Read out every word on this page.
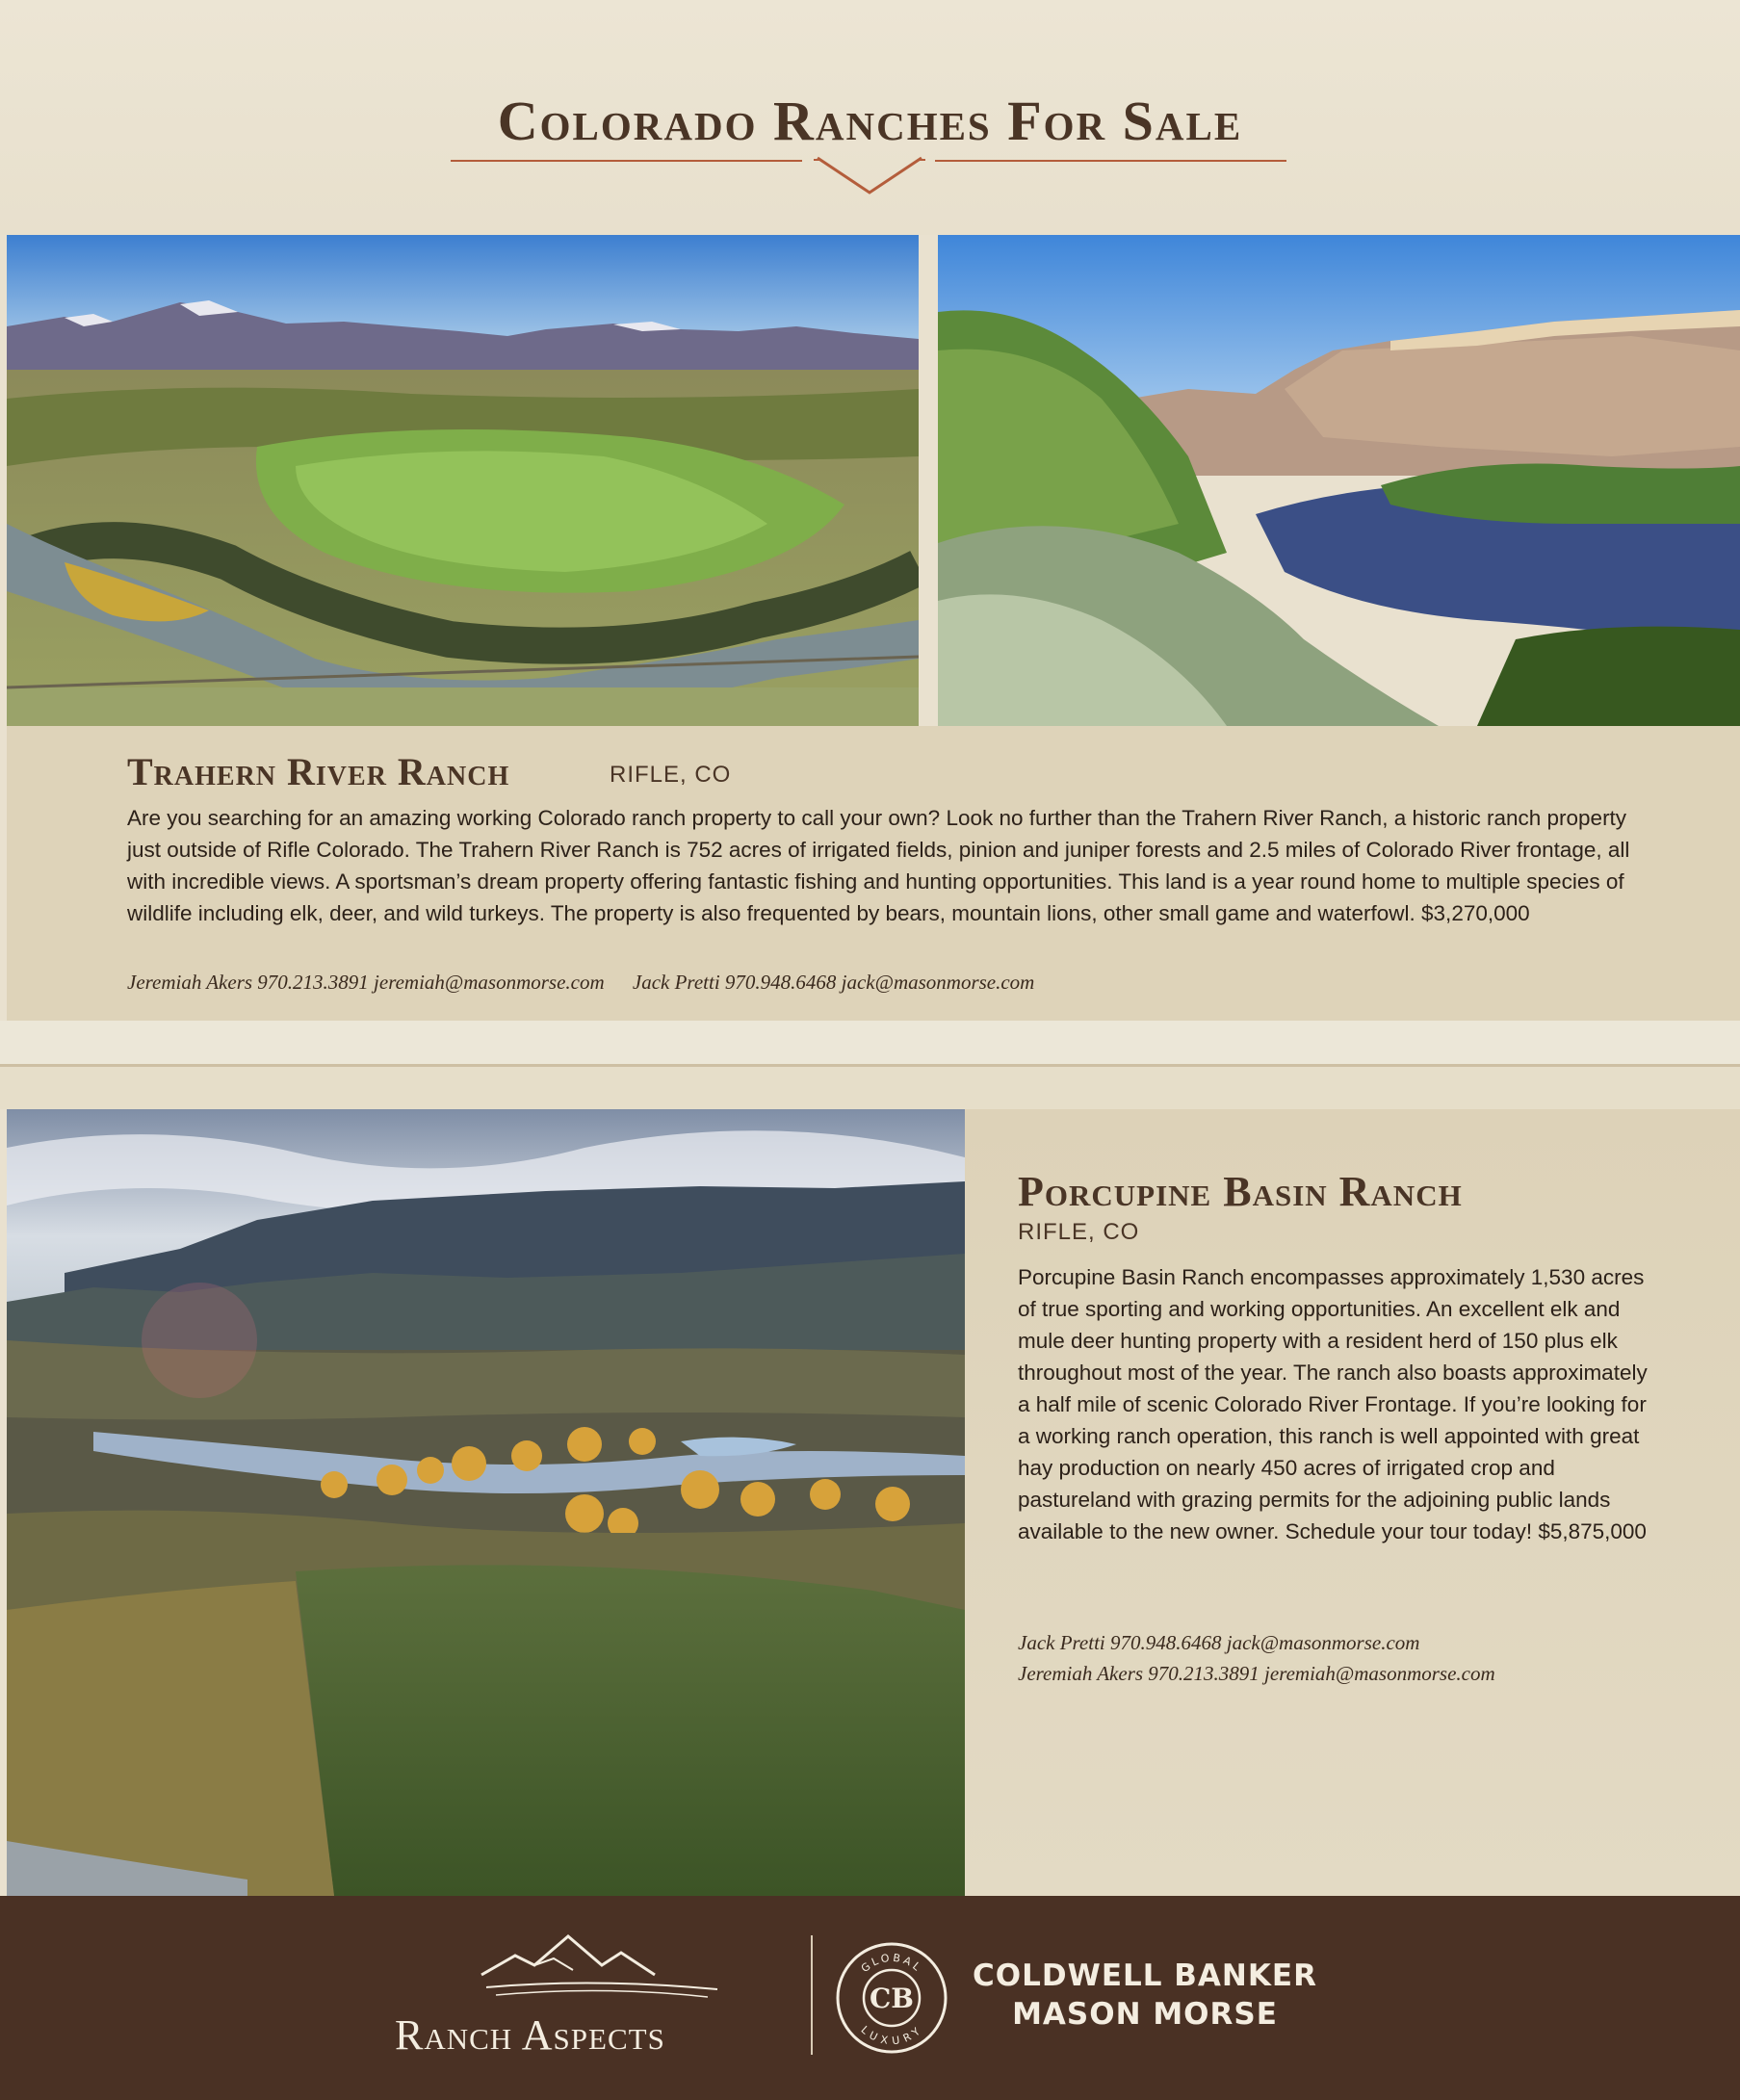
Colorado Ranches For Sale
Trahern River Ranch	RIFLE, CO
Are you searching for an amazing working Colorado ranch property to call your own? Look no further than the Trahern River Ranch, a historic ranch property just outside of Rifle Colorado. The Trahern River Ranch is 752 acres of irrigated fields, pinion and juniper forests and 2.5 miles of Colorado River frontage, all with incredible views. A sportsman’s dream property offering fantastic fishing and hunting opportunities. This land is a year round home to multiple species of wildlife including elk, deer, and wild turkeys. The property is also frequented by bears, mountain lions, other small game and waterfowl. $3,270,000
Jeremiah Akers 970.213.3891 jeremiah@masonmorse.com Jack Pretti 970.948.6468 jack@masonmorse.com
Porcupine Basin Ranch
RIFLE, CO
Porcupine Basin Ranch encompasses approximately 1,530 acres of true sporting and working opportunities. An excellent elk and mule deer hunting property with a resident herd of 150 plus elk throughout most of the year. The ranch also boasts approximately a half mile of scenic Colorado River Frontage. If you’re looking for a working ranch operation, this ranch is well appointed with great hay production on nearly 450 acres of irrigated crop and pastureland with grazing permits for the adjoining public lands available to the new owner. Schedule your tour today! $5,875,000
Jack Pretti 970.948.6468 jack@masonmorse.com
Jeremiah Akers 970.213.3891 jeremiah@masonmorse.com
Ranch Aspects
GLOBAL
LUXURY
CB
COLDWELL BANKER
MASON MORSE
